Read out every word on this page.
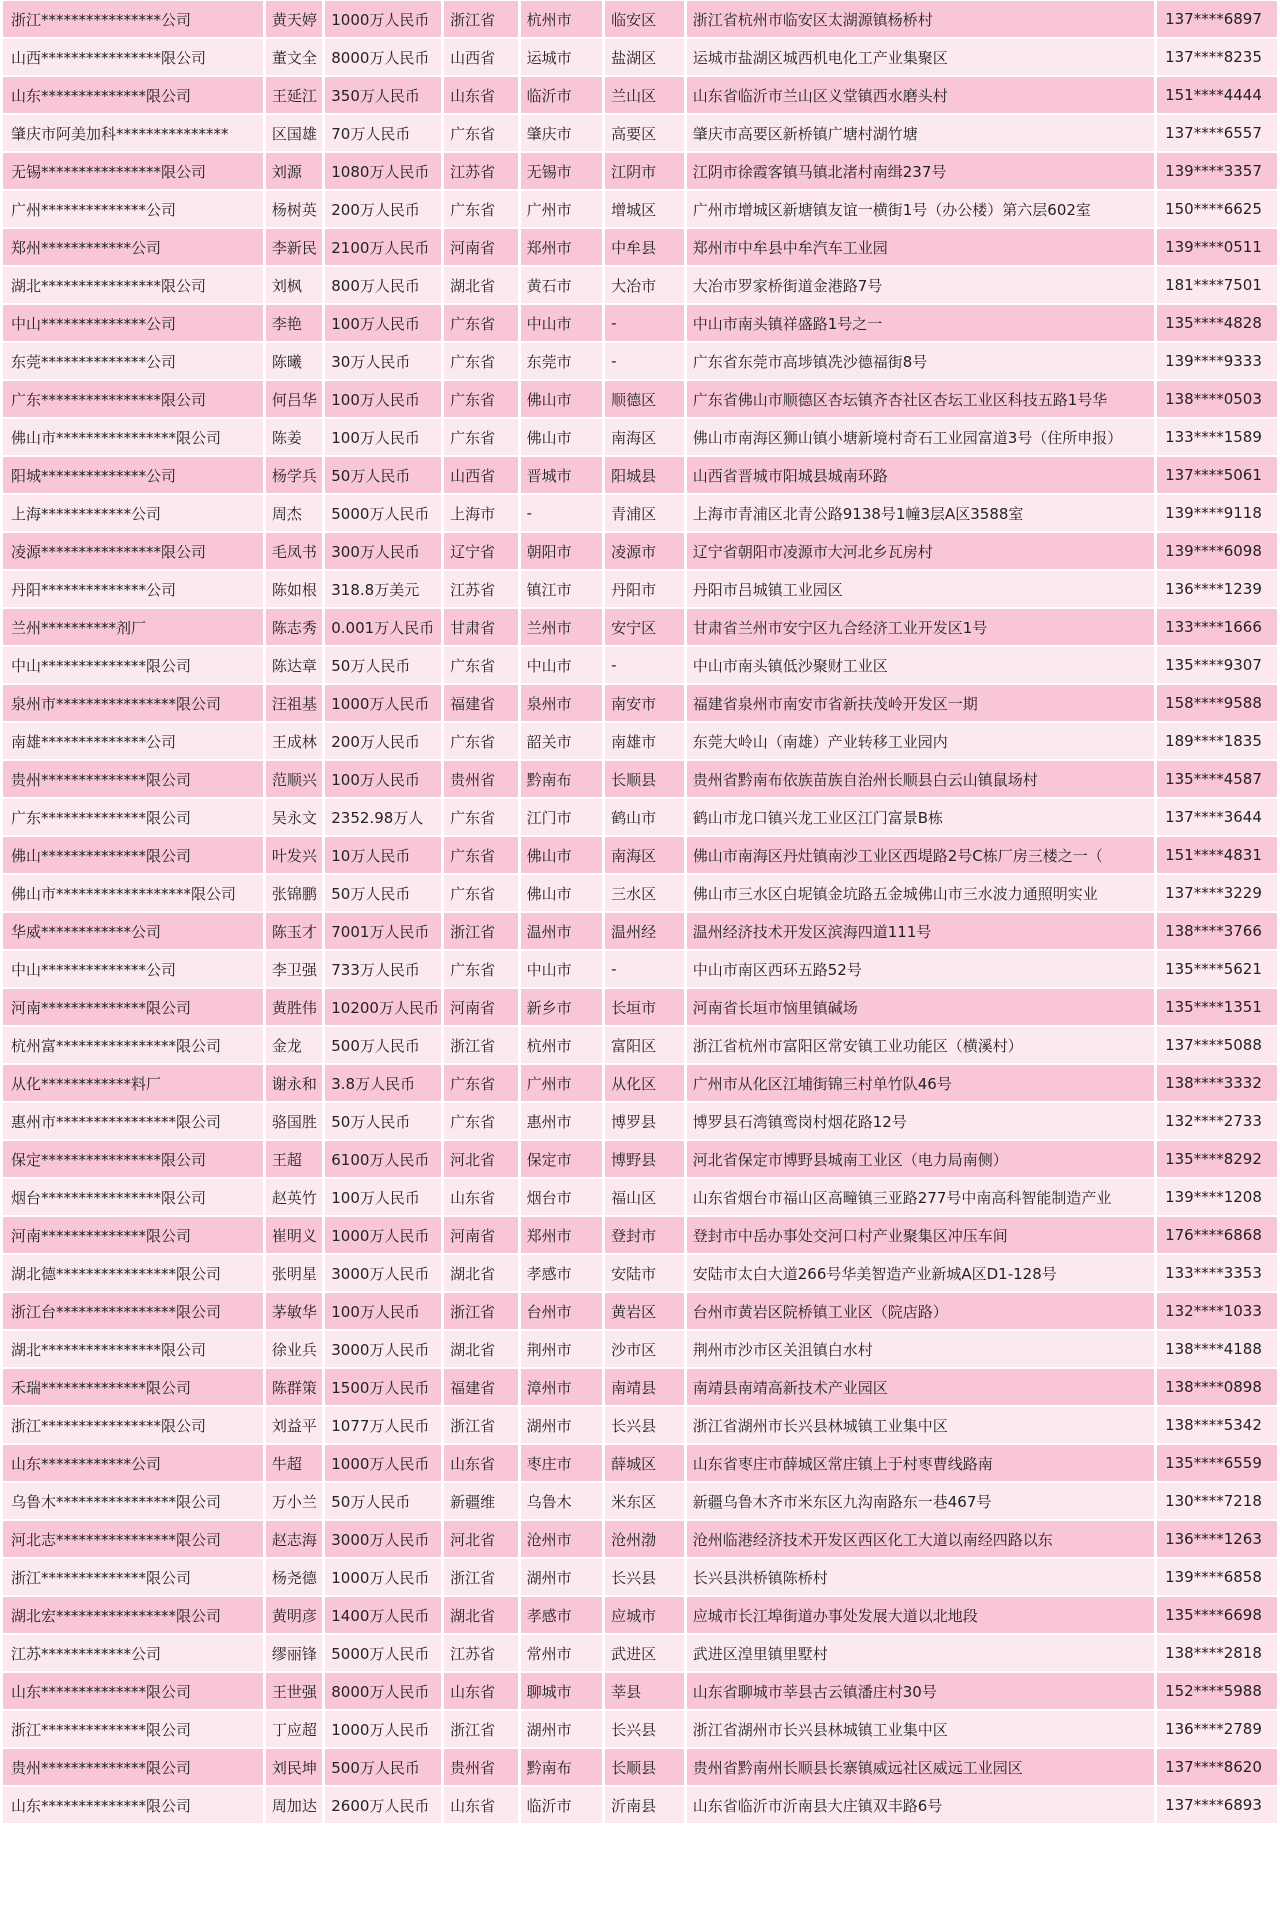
浙江****************公司	黄天婷	1000万人民币	浙江省	杭州市	临安区	浙江省杭州市临安区太湖源镇杨桥村	137****6897
山西****************限公司	董文全	8000万人民币	山西省	运城市	盐湖区	运城市盐湖区城西机电化工产业集聚区	137****8235
山东**************限公司	王延江	350万人民币	山东省	临沂市	兰山区	山东省临沂市兰山区义堂镇西水磨头村	151****4444
肇庆市阿美加科***************	区国雄	70万人民币	广东省	肇庆市	高要区	肇庆市高要区新桥镇广塘村湖竹塘	137****6557
无锡****************限公司	刘源	1080万人民币	江苏省	无锡市	江阴市	江阴市徐霞客镇马镇北渚村南缉237号	139****3357
广州**************公司	杨树英	200万人民币	广东省	广州市	增城区	广州市增城区新塘镇友谊一横街1号（办公楼）第六层602室	150****6625
郑州************公司	李新民	2100万人民币	河南省	郑州市	中牟县	郑州市中牟县中牟汽车工业园	139****0511
湖北****************限公司	刘枫	800万人民币	湖北省	黄石市	大冶市	大冶市罗家桥街道金港路7号	181****7501
中山**************公司	李艳	100万人民币	广东省	中山市	-	中山市南头镇祥盛路1号之一	135****4828
东莞**************公司	陈曦	30万人民币	广东省	东莞市	-	广东省东莞市高埗镇冼沙德福街8号	139****9333
广东****************限公司	何吕华	100万人民币	广东省	佛山市	顺德区	广东省佛山市顺德区杏坛镇齐杏社区杏坛工业区科技五路1号华	138****0503
佛山市****************限公司	陈姜	100万人民币	广东省	佛山市	南海区	佛山市南海区狮山镇小塘新境村奇石工业园富道3号（住所申报）	133****1589
阳城**************公司	杨学兵	50万人民币	山西省	晋城市	阳城县	山西省晋城市阳城县城南环路	137****5061
上海************公司	周杰	5000万人民币	上海市	-	青浦区	上海市青浦区北青公路9138号1幢3层A区3588室	139****9118
凌源****************限公司	毛凤书	300万人民币	辽宁省	朝阳市	凌源市	辽宁省朝阳市凌源市大河北乡瓦房村	139****6098
丹阳**************公司	陈如根	318.8万美元	江苏省	镇江市	丹阳市	丹阳市吕城镇工业园区	136****1239
兰州**********剂厂	陈志秀	0.001万人民币	甘肃省	兰州市	安宁区	甘肃省兰州市安宁区九合经济工业开发区1号	133****1666
中山**************限公司	陈达章	50万人民币	广东省	中山市	-	中山市南头镇低沙聚财工业区	135****9307
泉州市****************限公司	汪祖基	1000万人民币	福建省	泉州市	南安市	福建省泉州市南安市省新扶茂岭开发区一期	158****9588
南雄**************公司	王成林	200万人民币	广东省	韶关市	南雄市	东莞大岭山（南雄）产业转移工业园内	189****1835
贵州**************限公司	范顺兴	100万人民币	贵州省	黔南布	长顺县	贵州省黔南布依族苗族自治州长顺县白云山镇鼠场村	135****4587
广东**************限公司	吴永文	2352.98万人	广东省	江门市	鹤山市	鹤山市龙口镇兴龙工业区江门富景B栋	137****3644
佛山**************限公司	叶发兴	10万人民币	广东省	佛山市	南海区	佛山市南海区丹灶镇南沙工业区西堤路2号C栋厂房三楼之一（	151****4831
佛山市******************限公司	张锦鹏	50万人民币	广东省	佛山市	三水区	佛山市三水区白坭镇金坑路五金城佛山市三水波力通照明实业	137****3229
华威************公司	陈玉才	7001万人民币	浙江省	温州市	温州经	温州经济技术开发区滨海四道111号	138****3766
中山**************公司	李卫强	733万人民币	广东省	中山市	-	中山市南区西环五路52号	135****5621
河南**************限公司	黄胜伟	10200万人民币	河南省	新乡市	长垣市	河南省长垣市恼里镇碱场	135****1351
杭州富****************限公司	金龙	500万人民币	浙江省	杭州市	富阳区	浙江省杭州市富阳区常安镇工业功能区（横溪村）	137****5088
从化************料厂	谢永和	3.8万人民币	广东省	广州市	从化区	广州市从化区江埔街锦三村单竹队46号	138****3332
惠州市****************限公司	骆国胜	50万人民币	广东省	惠州市	博罗县	博罗县石湾镇鸾岗村烟花路12号	132****2733
保定****************限公司	王超	6100万人民币	河北省	保定市	博野县	河北省保定市博野县城南工业区（电力局南侧）	135****8292
烟台****************限公司	赵英竹	100万人民币	山东省	烟台市	福山区	山东省烟台市福山区高疃镇三亚路277号中南高科智能制造产业	139****1208
河南**************限公司	崔明义	1000万人民币	河南省	郑州市	登封市	登封市中岳办事处交河口村产业聚集区冲压车间	176****6868
湖北德****************限公司	张明星	3000万人民币	湖北省	孝感市	安陆市	安陆市太白大道266号华美智造产业新城A区D1-128号	133****3353
浙江台****************限公司	茅敏华	100万人民币	浙江省	台州市	黄岩区	台州市黄岩区院桥镇工业区（院店路）	132****1033
湖北****************限公司	徐业兵	3000万人民币	湖北省	荆州市	沙市区	荆州市沙市区关沮镇白水村	138****4188
禾瑞**************限公司	陈群策	1500万人民币	福建省	漳州市	南靖县	南靖县南靖高新技术产业园区	138****0898
浙江****************限公司	刘益平	1077万人民币	浙江省	湖州市	长兴县	浙江省湖州市长兴县林城镇工业集中区	138****5342
山东************公司	牛超	1000万人民币	山东省	枣庄市	薛城区	山东省枣庄市薛城区常庄镇上于村枣曹线路南	135****6559
乌鲁木****************限公司	万小兰	50万人民币	新疆维	乌鲁木	米东区	新疆乌鲁木齐市米东区九沟南路东一巷467号	130****7218
河北志****************限公司	赵志海	3000万人民币	河北省	沧州市	沧州渤	沧州临港经济技术开发区西区化工大道以南经四路以东	136****1263
浙江**************限公司	杨尧德	1000万人民币	浙江省	湖州市	长兴县	长兴县洪桥镇陈桥村	139****6858
湖北宏****************限公司	黄明彦	1400万人民币	湖北省	孝感市	应城市	应城市长江埠街道办事处发展大道以北地段	135****6698
江苏************公司	缪丽锋	5000万人民币	江苏省	常州市	武进区	武进区湟里镇里墅村	138****2818
山东**************限公司	王世强	8000万人民币	山东省	聊城市	莘县	山东省聊城市莘县古云镇潘庄村30号	152****5988
浙江**************限公司	丁应超	1000万人民币	浙江省	湖州市	长兴县	浙江省湖州市长兴县林城镇工业集中区	136****2789
贵州**************限公司	刘民坤	500万人民币	贵州省	黔南布	长顺县	贵州省黔南州长顺县长寨镇威远社区威远工业园区	137****8620
山东**************限公司	周加达	2600万人民币	山东省	临沂市	沂南县	山东省临沂市沂南县大庄镇双丰路6号	137****6893
